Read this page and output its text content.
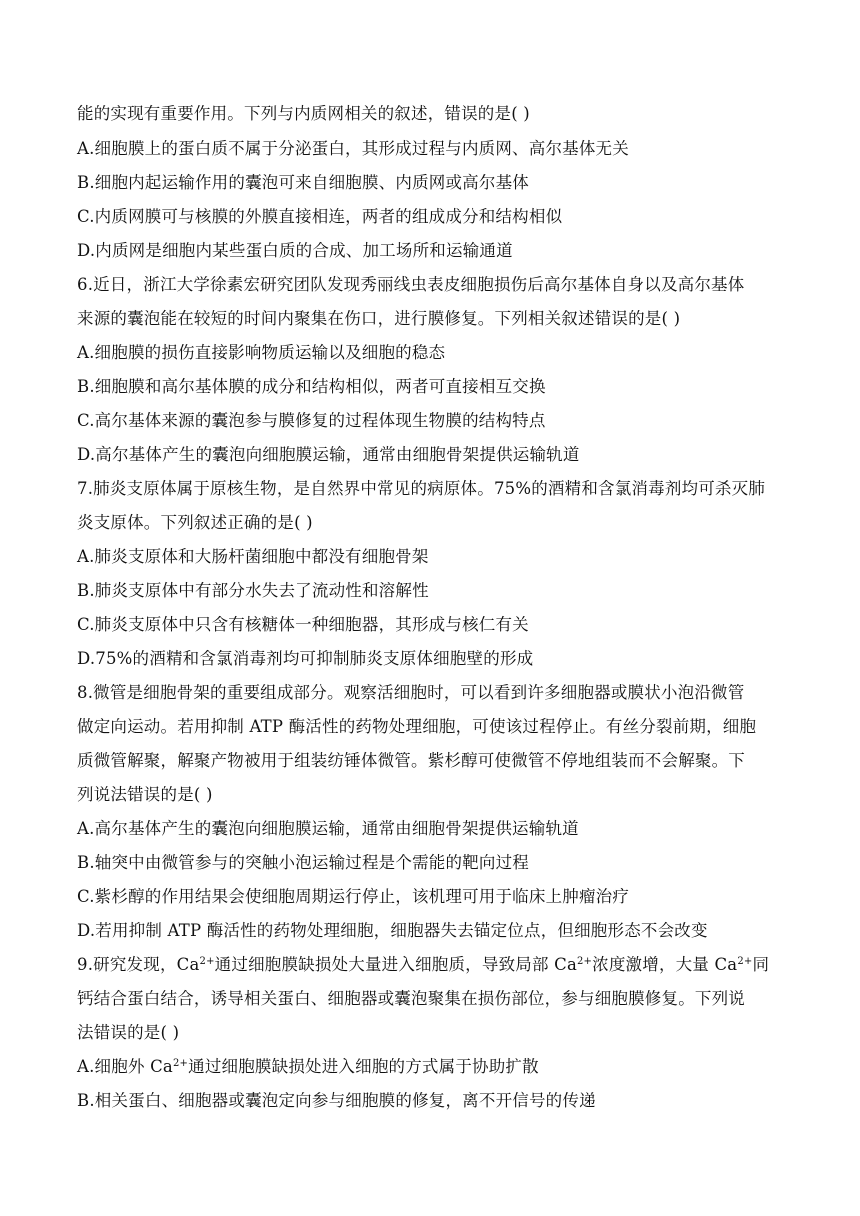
能的实现有重要作用。下列与内质网相关的叙述，错误的是( )
A.细胞膜上的蛋白质不属于分泌蛋白，其形成过程与内质网、高尔基体无关
B.细胞内起运输作用的囊泡可来自细胞膜、内质网或高尔基体
C.内质网膜可与核膜的外膜直接相连，两者的组成成分和结构相似
D.内质网是细胞内某些蛋白质的合成、加工场所和运输通道
6.近日，浙江大学徐素宏研究团队发现秀丽线虫表皮细胞损伤后高尔基体自身以及高尔基体
来源的囊泡能在较短的时间内聚集在伤口，进行膜修复。下列相关叙述错误的是( )
A.细胞膜的损伤直接影响物质运输以及细胞的稳态
B.细胞膜和高尔基体膜的成分和结构相似，两者可直接相互交换
C.高尔基体来源的囊泡参与膜修复的过程体现生物膜的结构特点
D.高尔基体产生的囊泡向细胞膜运输，通常由细胞骨架提供运输轨道
7.肺炎支原体属于原核生物，是自然界中常见的病原体。75%的酒精和含氯消毒剂均可杀灭肺
炎支原体。下列叙述正确的是( )
A.肺炎支原体和大肠杆菌细胞中都没有细胞骨架
B.肺炎支原体中有部分水失去了流动性和溶解性
C.肺炎支原体中只含有核糖体一种细胞器，其形成与核仁有关
D.75%的酒精和含氯消毒剂均可抑制肺炎支原体细胞壁的形成
8.微管是细胞骨架的重要组成部分。观察活细胞时，可以看到许多细胞器或膜状小泡沿微管
做定向运动。若用抑制 ATP 酶活性的药物处理细胞，可使该过程停止。有丝分裂前期，细胞
质微管解聚，解聚产物被用于组装纺锤体微管。紫杉醇可使微管不停地组装而不会解聚。下
列说法错误的是( )
A.高尔基体产生的囊泡向细胞膜运输，通常由细胞骨架提供运输轨道
B.轴突中由微管参与的突触小泡运输过程是个需能的靶向过程
C.紫杉醇的作用结果会使细胞周期运行停止，该机理可用于临床上肿瘤治疗
D.若用抑制 ATP 酶活性的药物处理细胞，细胞器失去锚定位点，但细胞形态不会改变
9.研究发现，$Ca^{2+}$通过细胞膜缺损处大量进入细胞质，导致局部 $Ca^{2+}$浓度激增，大量 $Ca^{2+}$同
钙结合蛋白结合，诱导相关蛋白、细胞器或囊泡聚集在损伤部位，参与细胞膜修复。下列说
法错误的是( )
A.细胞外 $Ca^{2+}$通过细胞膜缺损处进入细胞的方式属于协助扩散
B.相关蛋白、细胞器或囊泡定向参与细胞膜的修复，离不开信号的传递
